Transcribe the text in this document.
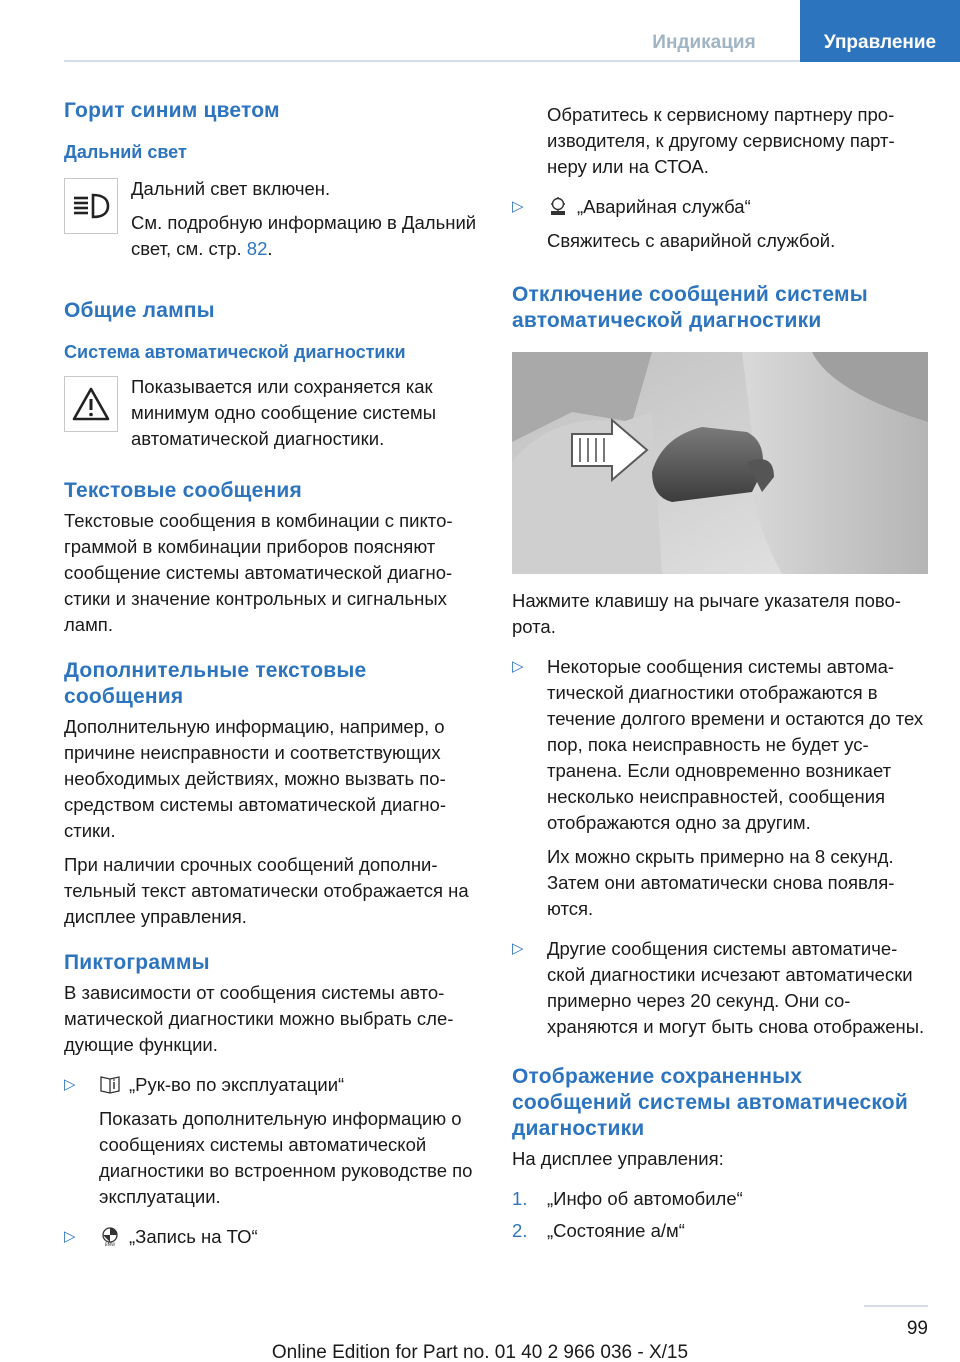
Индикация	Управление
Горит синим цветом
Дальний свет
Дальний свет включен.
См. подробную информацию в Дальний свет, см. стр. 82.
Общие лампы
Система автоматической диагностики
Показывается или сохраняется как минимум одно сообщение системы автоматической диагностики.
Текстовые сообщения
Текстовые сообщения в комбинации с пиктограммой в комбинации приборов поясняют сообщение системы автоматической диагностики и значение контрольных и сигнальных ламп.
Дополнительные текстовые сообщения
Дополнительную информацию, например, о причине неисправности и соответствующих необходимых действиях, можно вызвать посредством системы автоматической диагностики.
При наличии срочных сообщений дополнительный текст автоматически отображается на дисплее управления.
Пиктограммы
В зависимости от сообщения системы автоматической диагностики можно выбрать следующие функции.
▷	„Рук-во по эксплуатации“
Показать дополнительную информацию о сообщениях системы автоматической диагностики во встроенном руководстве по эксплуатации.
▷	BMW „Запись на ТО“
Обратитесь к сервисному партнеру производителя, к другому сервисному партнеру или на СТОА.
▷	„Аварийная служба“
Свяжитесь с аварийной службой.
Отключение сообщений системы автоматической диагностики
Нажмите клавишу на рычаге указателя поворота.
▷ Некоторые сообщения системы автоматической диагностики отображаются в течение долгого времени и остаются до тех пор, пока неисправность не будет устранена. Если одновременно возникает несколько неисправностей, сообщения отображаются одно за другим.
Их можно скрыть примерно на 8 секунд. Затем они автоматически снова появляются.
▷ Другие сообщения системы автоматической диагностики исчезают автоматически примерно через 20 секунд. Они сохраняются и могут быть снова отображены.
Отображение сохраненных сообщений системы автоматической диагностики
На дисплее управления:
1. „Инфо об автомобиле“
2. „Состояние а/м“
99
Online Edition for Part no. 01 40 2 966 036 - X/15
